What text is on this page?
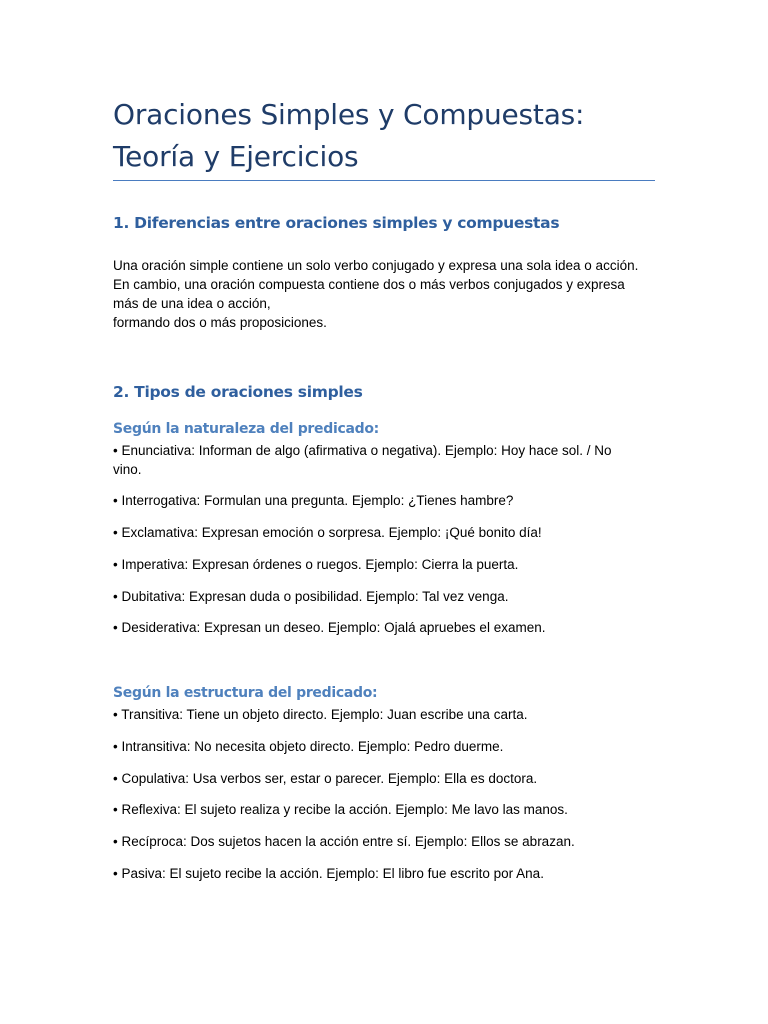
Oraciones Simples y Compuestas:
Teoría y Ejercicios
1. Diferencias entre oraciones simples y compuestas
Una oración simple contiene un solo verbo conjugado y expresa una sola idea o acción.
En cambio, una oración compuesta contiene dos o más verbos conjugados y expresa
más de una idea o acción,
formando dos o más proposiciones.
2. Tipos de oraciones simples
Según la naturaleza del predicado:
• Enunciativa: Informan de algo (afirmativa o negativa). Ejemplo: Hoy hace sol. / No
vino.
• Interrogativa: Formulan una pregunta. Ejemplo: ¿Tienes hambre?
• Exclamativa: Expresan emoción o sorpresa. Ejemplo: ¡Qué bonito día!
• Imperativa: Expresan órdenes o ruegos. Ejemplo: Cierra la puerta.
• Dubitativa: Expresan duda o posibilidad. Ejemplo: Tal vez venga.
• Desiderativa: Expresan un deseo. Ejemplo: Ojalá apruebes el examen.
Según la estructura del predicado:
• Transitiva: Tiene un objeto directo. Ejemplo: Juan escribe una carta.
• Intransitiva: No necesita objeto directo. Ejemplo: Pedro duerme.
• Copulativa: Usa verbos ser, estar o parecer. Ejemplo: Ella es doctora.
• Reflexiva: El sujeto realiza y recibe la acción. Ejemplo: Me lavo las manos.
• Recíproca: Dos sujetos hacen la acción entre sí. Ejemplo: Ellos se abrazan.
• Pasiva: El sujeto recibe la acción. Ejemplo: El libro fue escrito por Ana.
